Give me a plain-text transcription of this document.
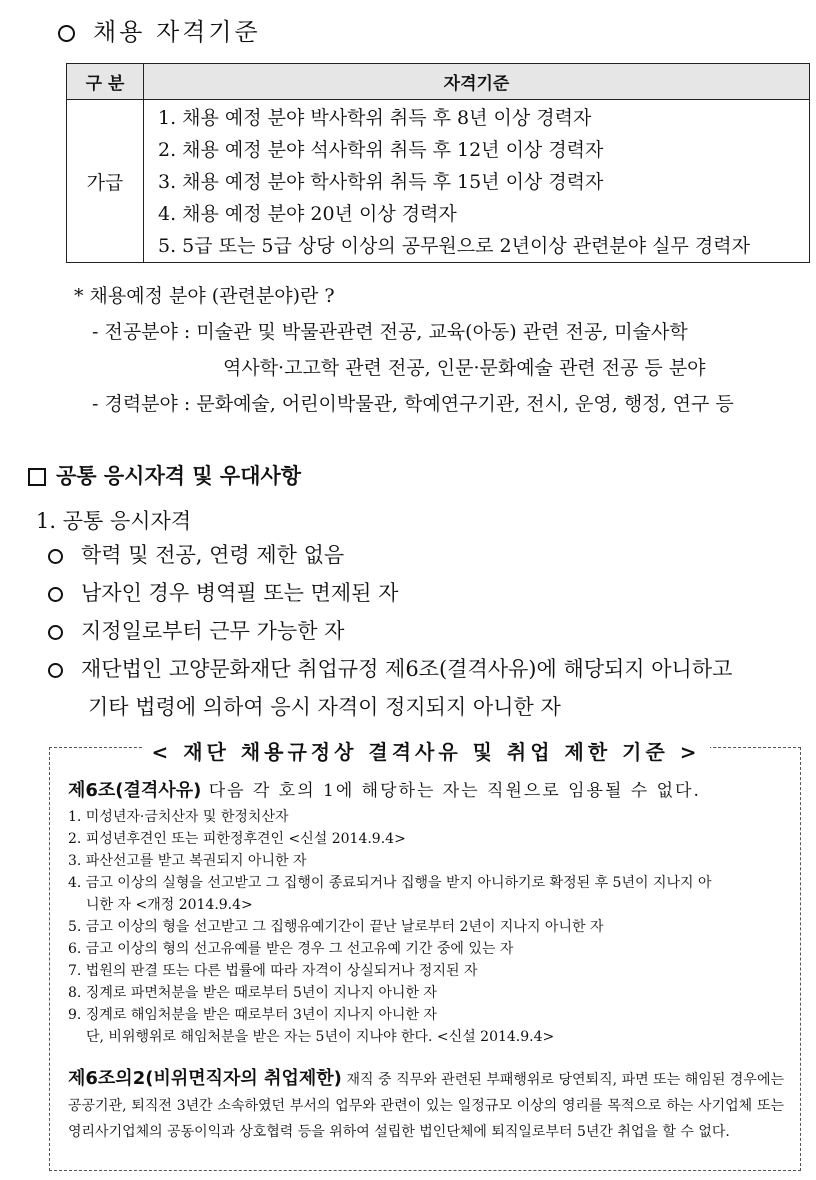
채용 자격기준
구 분	자격기준
가급	1. 채용 예정 분야 박사학위 취득 후 8년 이상 경력자
2. 채용 예정 분야 석사학위 취득 후 12년 이상 경력자
3. 채용 예정 분야 학사학위 취득 후 15년 이상 경력자
4. 채용 예정 분야 20년 이상 경력자
5. 5급 또는 5급 상당 이상의 공무원으로 2년이상 관련분야 실무 경력자
* 채용예정 분야 (관련분야)란 ?
- 전공분야 : 미술관 및 박물관관련 전공, 교육(아동) 관련 전공, 미술사학
역사학·고고학 관련 전공, 인문·문화예술 관련 전공 등 분야
- 경력분야 : 문화예술, 어린이박물관, 학예연구기관, 전시, 운영, 행정, 연구 등
공통 응시자격 및 우대사항
1. 공통 응시자격
학력 및 전공, 연령 제한 없음
남자인 경우 병역필 또는 면제된 자
지정일로부터 근무 가능한 자
재단법인 고양문화재단 취업규정 제6조(결격사유)에 해당되지 아니하고
기타 법령에 의하여 응시 자격이 정지되지 아니한 자
< 재단 채용규정상 결격사유 및 취업 제한 기준 >
제6조(결격사유) 다음 각 호의 1에 해당하는 자는 직원으로 임용될 수 없다.
1. 미성년자·금치산자 및 한정치산자
2. 피성년후견인 또는 피한정후견인 <신설 2014.9.4>
3. 파산선고를 받고 복권되지 아니한 자
4. 금고 이상의 실형을 선고받고 그 집행이 종료되거나 집행을 받지 아니하기로 확정된 후 5년이 지나지 아
니한 자 <개정 2014.9.4>
5. 금고 이상의 형을 선고받고 그 집행유예기간이 끝난 날로부터 2년이 지나지 아니한 자
6. 금고 이상의 형의 선고유예를 받은 경우 그 선고유예 기간 중에 있는 자
7. 법원의 판결 또는 다른 법률에 따라 자격이 상실되거나 정지된 자
8. 징계로 파면처분을 받은 때로부터 5년이 지나지 아니한 자
9. 징계로 해임처분을 받은 때로부터 3년이 지나지 아니한 자
단, 비위행위로 해임처분을 받은 자는 5년이 지나야 한다. <신설 2014.9.4>
제6조의2(비위면직자의 취업제한) 재직 중 직무와 관련된 부패행위로 당연퇴직, 파면 또는 해임된 경우에는 공공기관, 퇴직전 3년간 소속하였던 부서의 업무와 관련이 있는 일정규모 이상의 영리를 목적으로 하는 사기업체 또는 영리사기업체의 공동이익과 상호협력 등을 위하여 설립한 법인단체에 퇴직일로부터 5년간 취업을 할 수 없다.
